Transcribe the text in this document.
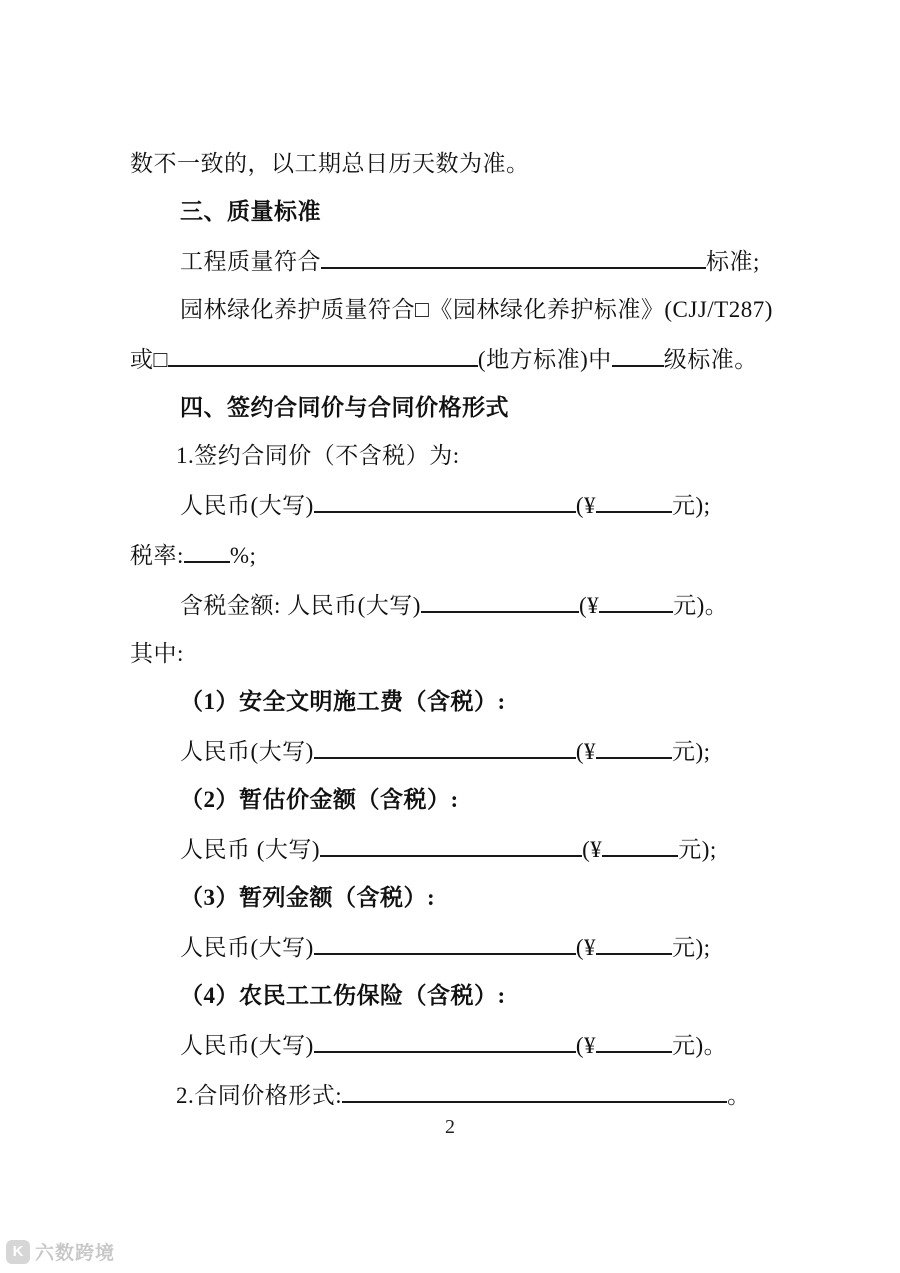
数不一致的，以工期总日历天数为准。

三、质量标准

工程质量符合	标准;

园林绿化养护质量符合□《园林绿化养护标准》(CJJ/T287)

或□	(地方标准)中 级标准。

四、签约合同价与合同价格形式

1.签约合同价（不含税）为:

人民币(大写)	(¥	元);

税率: %;

含税金额: 人民币(大写)	(¥	元)。

其中:

（1）安全文明施工费（含税）:

人民币(大写)	(¥	元);

（2）暂估价金额（含税）:

人民币 (大写)	(¥	元);

（3）暂列金额（含税）:

人民币(大写)	(¥	元);

（4）农民工工伤保险（含税）:

人民币(大写)	(¥	元)。

2.合同价格形式:	。

2
K 六数跨境
